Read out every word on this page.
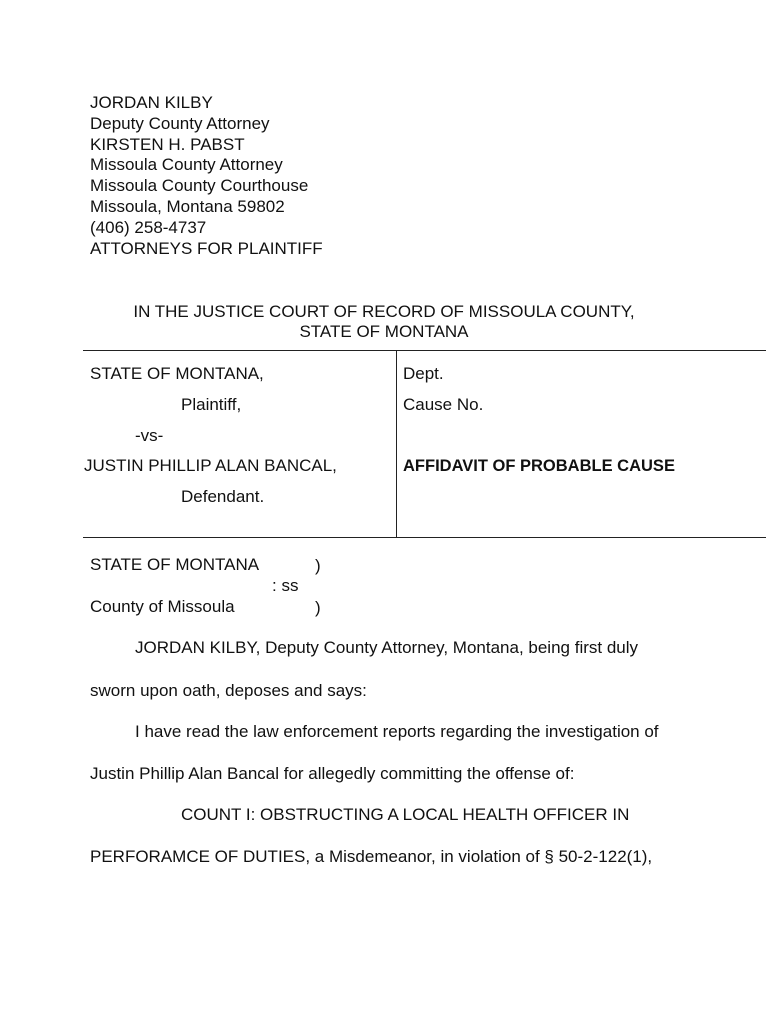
JORDAN KILBY
Deputy County Attorney
KIRSTEN H. PABST
Missoula County Attorney
Missoula County Courthouse
Missoula, Montana 59802
(406) 258-4737
ATTORNEYS FOR PLAINTIFF
IN THE JUSTICE COURT OF RECORD OF MISSOULA COUNTY,
STATE OF MONTANA
STATE OF MONTANA,
Plaintiff,
-vs-
JUSTIN PHILLIP ALAN BANCAL,
Defendant.
Dept.
Cause No.
AFFIDAVIT OF PROBABLE CAUSE
STATE OF MONTANA	)
: ss
County of Missoula	)
JORDAN KILBY, Deputy County Attorney, Montana, being first duly
sworn upon oath, deposes and says:
I have read the law enforcement reports regarding the investigation of
Justin Phillip Alan Bancal for allegedly committing the offense of:
COUNT I: OBSTRUCTING A LOCAL HEALTH OFFICER IN
PERFORAMCE OF DUTIES, a Misdemeanor, in violation of § 50-2-122(1),
